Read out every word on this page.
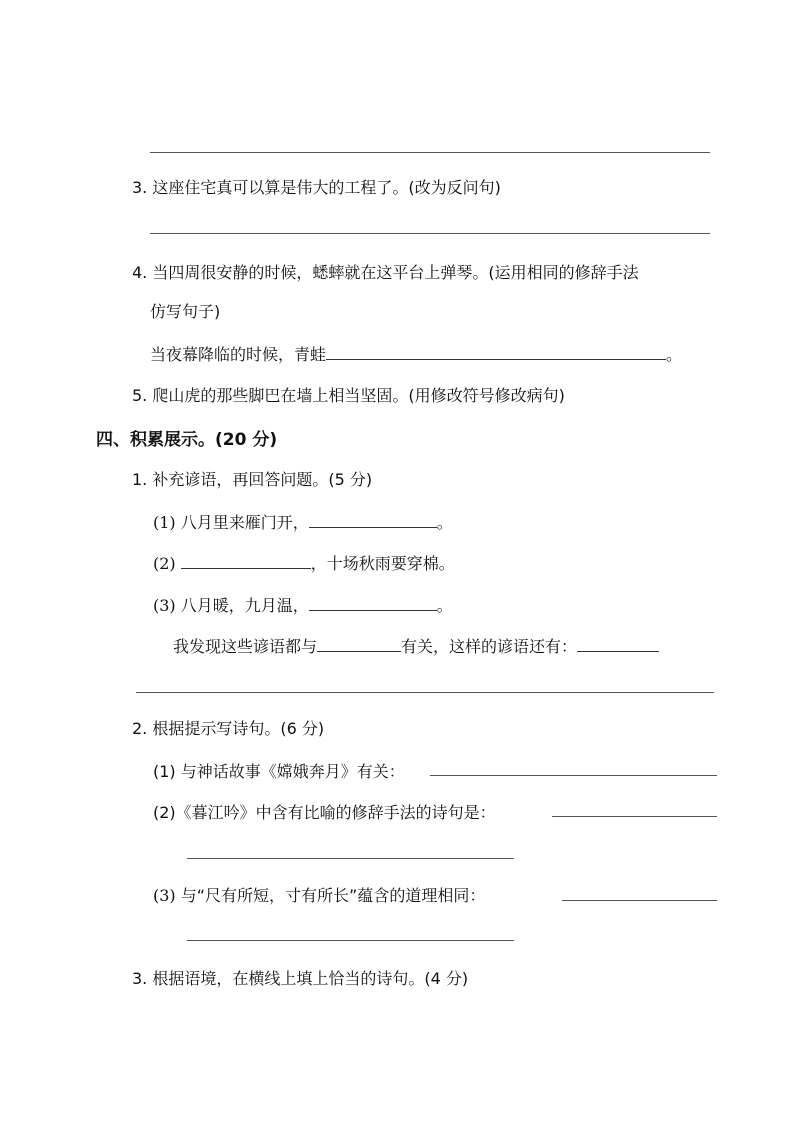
3. 这座住宅真可以算是伟大的工程了。(改为反问句)
4. 当四周很安静的时候，蟋蟀就在这平台上弹琴。(运用相同的修辞手法
仿写句子)
当夜幕降临的时候，青蛙	。
5. 爬山虎的那些脚巴在墙上相当坚固。(用修改符号修改病句)
四、积累展示。(20 分)
1. 补充谚语，再回答问题。(5 分)
(1) 八月里来雁门开，	。
(2)	，十场秋雨要穿棉。
(3) 八月暖，九月温，	。
我发现这些谚语都与	有关，这样的谚语还有：
2. 根据提示写诗句。(6 分)
(1) 与神话故事《嫦娥奔月》有关：
(2)《暮江吟》中含有比喻的修辞手法的诗句是：
(3) 与“尺有所短，寸有所长”蕴含的道理相同：
3. 根据语境，在横线上填上恰当的诗句。(4 分)
